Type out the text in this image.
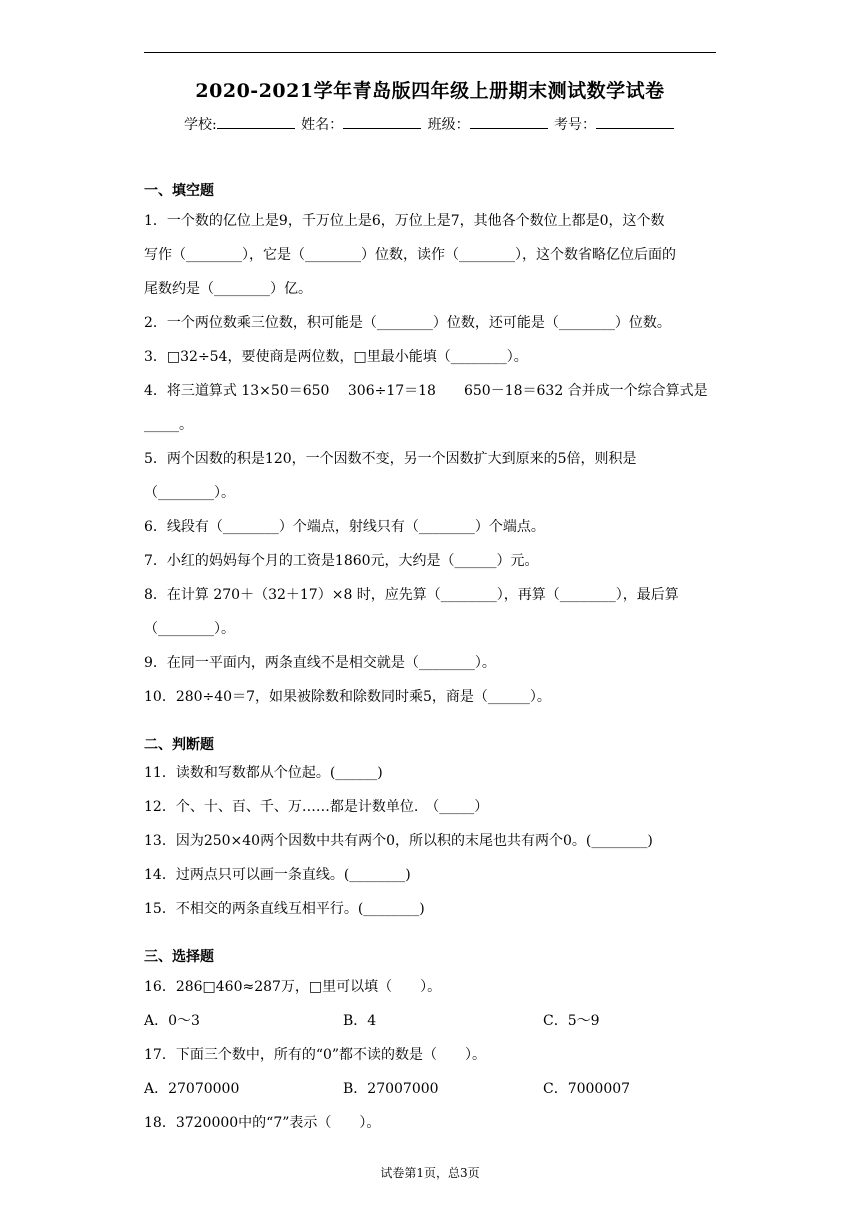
2020-2021学年青岛版四年级上册期末测试数学试卷
学校:	姓名：	班级：	考号：
一、填空题
1．一个数的亿位上是9，千万位上是6，万位上是7，其他各个数位上都是0，这个数
写作（________），它是（________）位数，读作（________），这个数省略亿位后面的
尾数约是（________）亿。
2．一个两位数乘三位数，积可能是（________）位数，还可能是（________）位数。
3．□32÷54，要使商是两位数，□里最小能填（________）。
4．将三道算式 13×50＝650　 306÷17＝18　　650－18＝632 合并成一个综合算式是
_____。
5．两个因数的积是120，一个因数不变，另一个因数扩大到原来的5倍，则积是
（________）。
6．线段有（________）个端点，射线只有（________）个端点。
7．小红的妈妈每个月的工资是1860元，大约是（______）元。
8．在计算 270＋（32＋17）×8 时，应先算（________），再算（________），最后算
（________）。
9．在同一平面内，两条直线不是相交就是（________）。
10．280÷40＝7，如果被除数和除数同时乘5，商是（______）。
二、判断题
11．读数和写数都从个位起。(______)
12．个、十、百、千、万……都是计数单位.　（_____）
13．因为250×40两个因数中共有两个0，所以积的末尾也共有两个0。(________)
14．过两点只可以画一条直线。(________)
15．不相交的两条直线互相平行。(________)
三、选择题
16．286□460≈287万，□里可以填（　　）。
A．0～3	B．4	C．5～9
17．下面三个数中，所有的“0”都不读的数是（　　）。
A．27070000	B．27007000	C．7000007
18．3720000中的“7”表示（　　）。
试卷第1页，总3页
